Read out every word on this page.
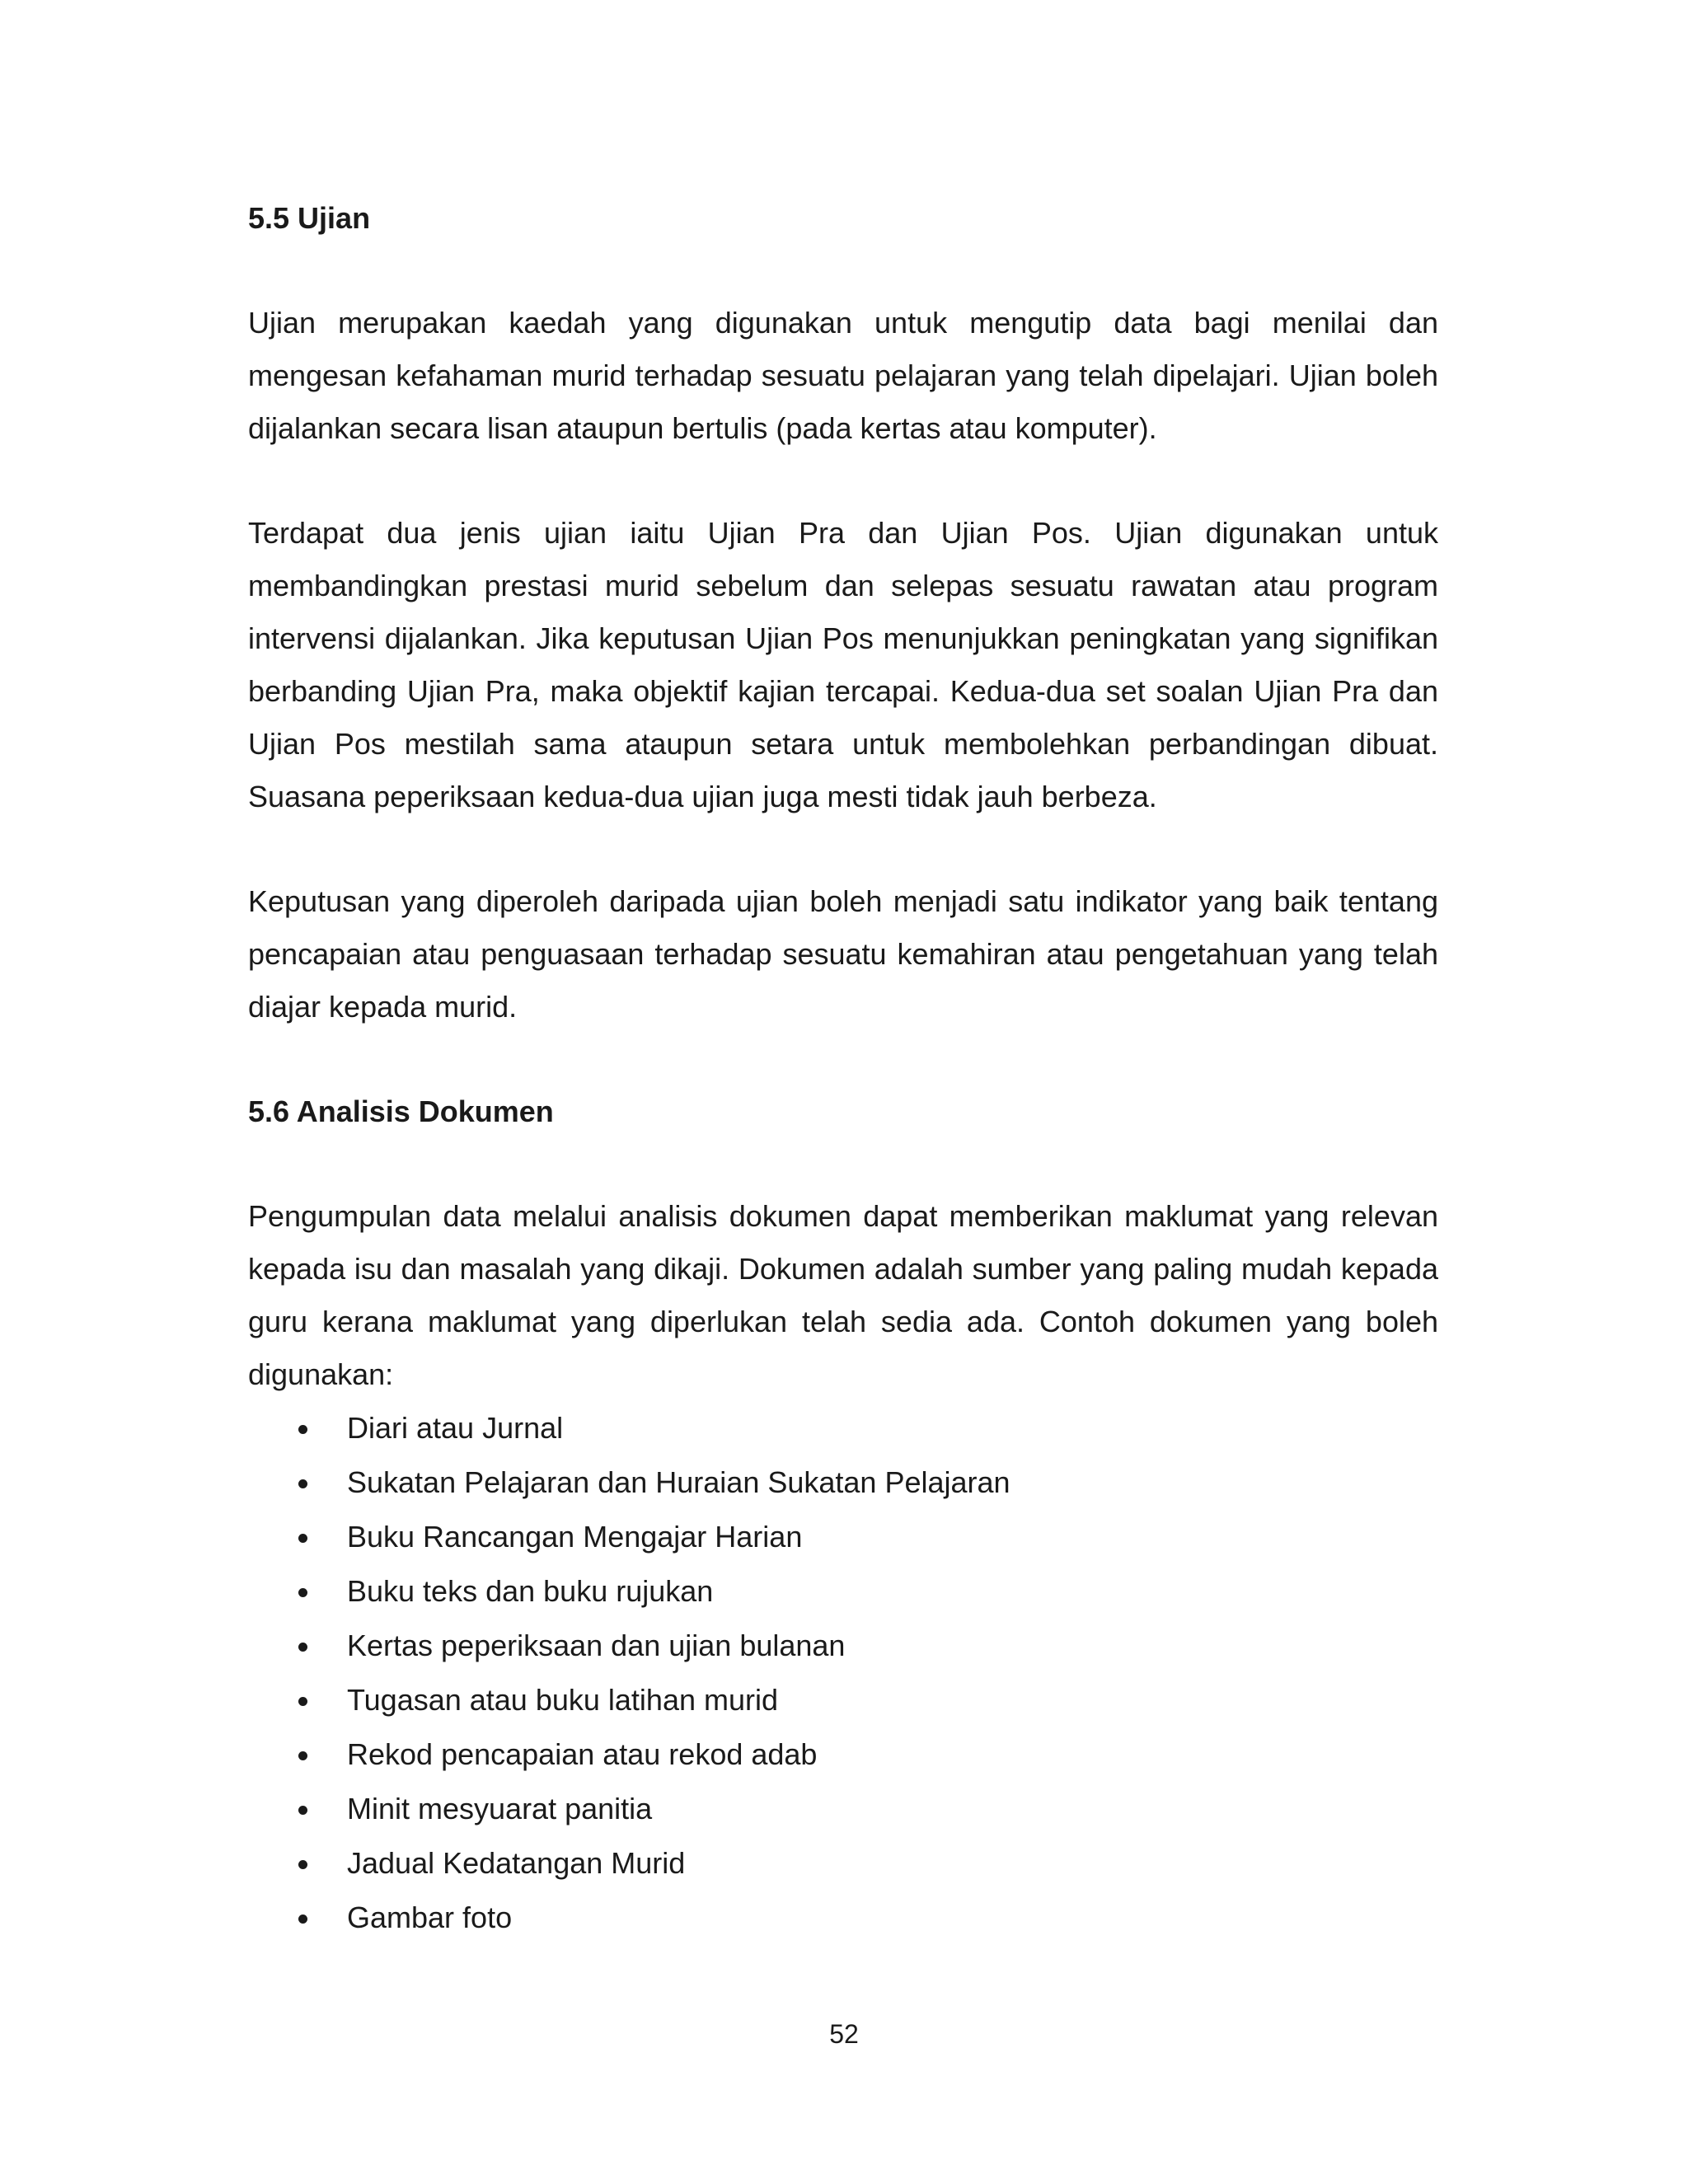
5.5 Ujian

Ujian merupakan kaedah yang digunakan untuk mengutip data bagi menilai dan mengesan kefahaman murid terhadap sesuatu pelajaran yang telah dipelajari. Ujian boleh dijalankan secara lisan ataupun bertulis (pada kertas atau komputer).

Terdapat dua jenis ujian iaitu Ujian Pra dan Ujian Pos. Ujian digunakan untuk membandingkan prestasi murid sebelum dan selepas sesuatu rawatan atau program intervensi dijalankan. Jika keputusan Ujian Pos menunjukkan peningkatan yang signifikan berbanding Ujian Pra, maka objektif kajian tercapai. Kedua-dua set soalan Ujian Pra dan Ujian Pos mestilah sama ataupun setara untuk membolehkan perbandingan dibuat. Suasana peperiksaan kedua-dua ujian juga mesti tidak jauh berbeza.

Keputusan yang diperoleh daripada ujian boleh menjadi satu indikator yang baik tentang pencapaian atau penguasaan terhadap sesuatu kemahiran atau pengetahuan yang telah diajar kepada murid.

5.6 Analisis Dokumen

Pengumpulan data melalui analisis dokumen dapat memberikan maklumat yang relevan kepada isu dan masalah yang dikaji. Dokumen adalah sumber yang paling mudah kepada guru kerana maklumat yang diperlukan telah sedia ada. Contoh dokumen yang boleh digunakan:

Diari atau Jurnal
Sukatan Pelajaran dan Huraian Sukatan Pelajaran
Buku Rancangan Mengajar Harian
Buku teks dan buku rujukan
Kertas peperiksaan dan ujian bulanan
Tugasan atau buku latihan murid
Rekod pencapaian atau rekod adab
Minit mesyuarat panitia
Jadual Kedatangan Murid
Gambar foto
52
